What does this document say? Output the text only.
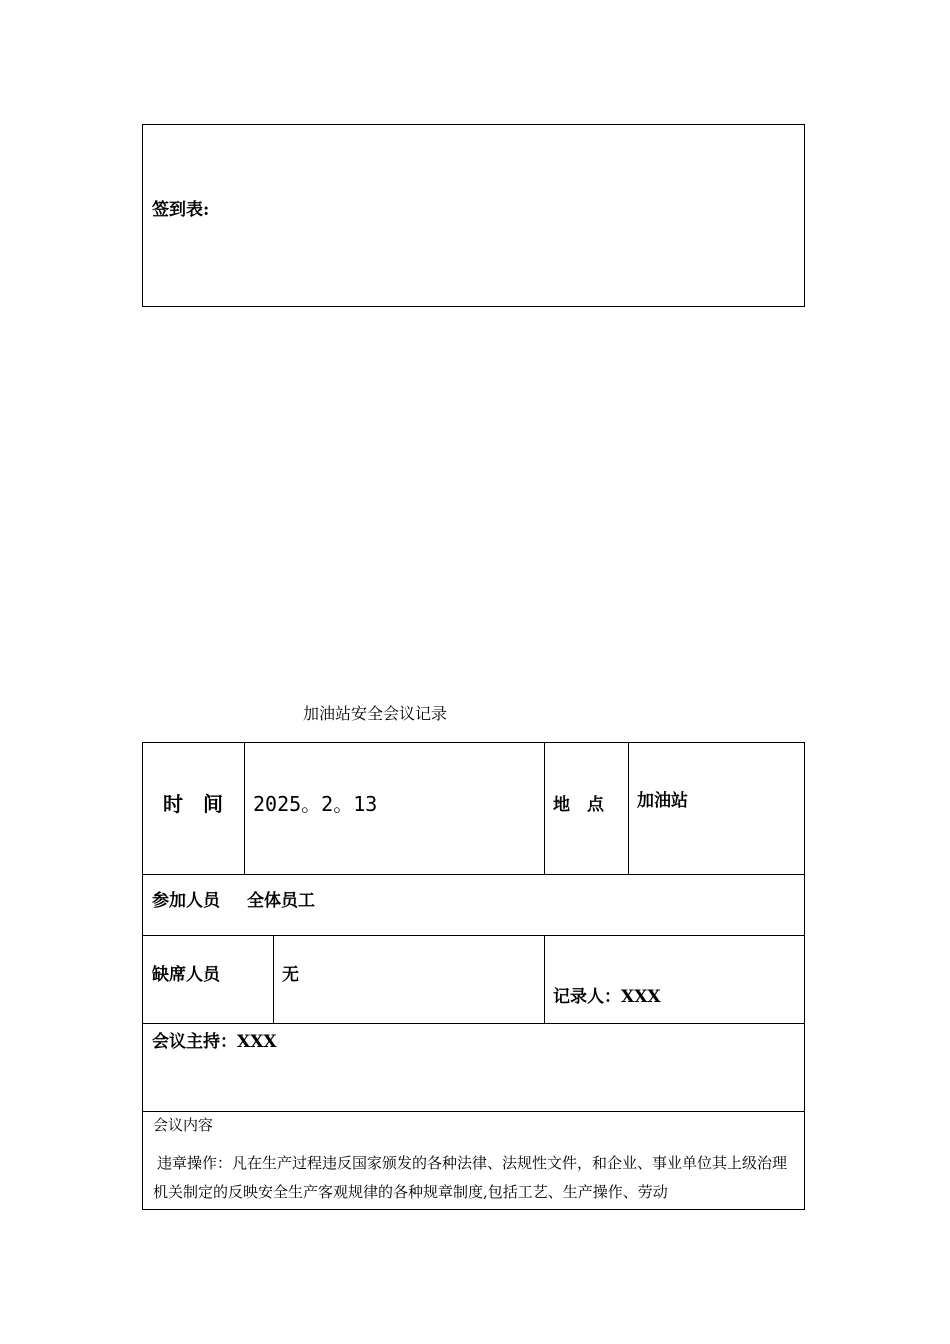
签到表:
加油站安全会议记录
时　间 2025。2。13	地　点 加油站
参加人员 全体员工
缺席人员	无
记录人：XXX
会议主持：XXX
会议内容
违章操作：凡在生产过程违反国家颁发的各种法律、法规性文件，和企业、事业单位其上级治理机关制定的反映安全生产客观规律的各种规章制度,包括工艺、生产操作、劳动
